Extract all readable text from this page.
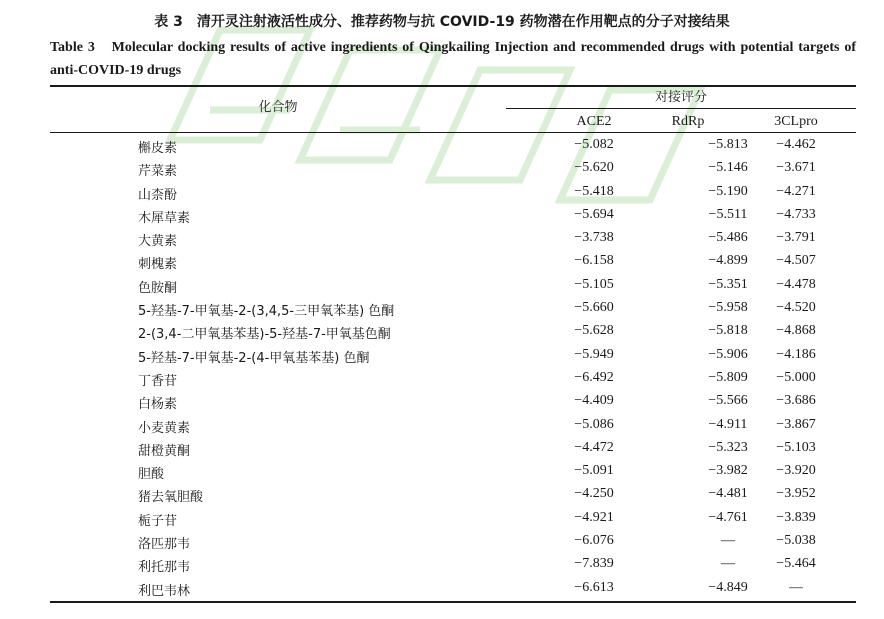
表 3　清开灵注射液活性成分、推荐药物与抗 COVID-19 药物潜在作用靶点的分子对接结果
Table 3　Molecular docking results of active ingredients of Qingkailing Injection and recommended drugs with potential targets of anti-COVID-19 drugs
化合物
对接评分
ACE2	RdRp	3CLpro
槲皮素	−5.082	−5.813	−4.462
芹菜素	−5.620	−5.146	−3.671
山柰酚	−5.418	−5.190	−4.271
木犀草素	−5.694	−5.511	−4.733
大黄素	−3.738	−5.486	−3.791
刺槐素	−6.158	−4.899	−4.507
色胺酮	−5.105	−5.351	−4.478
5-羟基-7-甲氧基-2-(3,4,5-三甲氧苯基) 色酮	−5.660	−5.958	−4.520
2-(3,4-二甲氧基苯基)-5-羟基-7-甲氧基色酮	−5.628	−5.818	−4.868
5-羟基-7-甲氧基-2-(4-甲氧基苯基) 色酮	−5.949	−5.906	−4.186
丁香苷	−6.492	−5.809	−5.000
白杨素	−4.409	−5.566	−3.686
小麦黄素	−5.086	−4.911	−3.867
甜橙黄酮	−4.472	−5.323	−5.103
胆酸	−5.091	−3.982	−3.920
猪去氧胆酸	−4.250	−4.481	−3.952
栀子苷	−4.921	−4.761	−3.839
洛匹那韦	−6.076	—	−5.038
利托那韦	−7.839	—	−5.464
利巴韦林	−6.613	−4.849	—
